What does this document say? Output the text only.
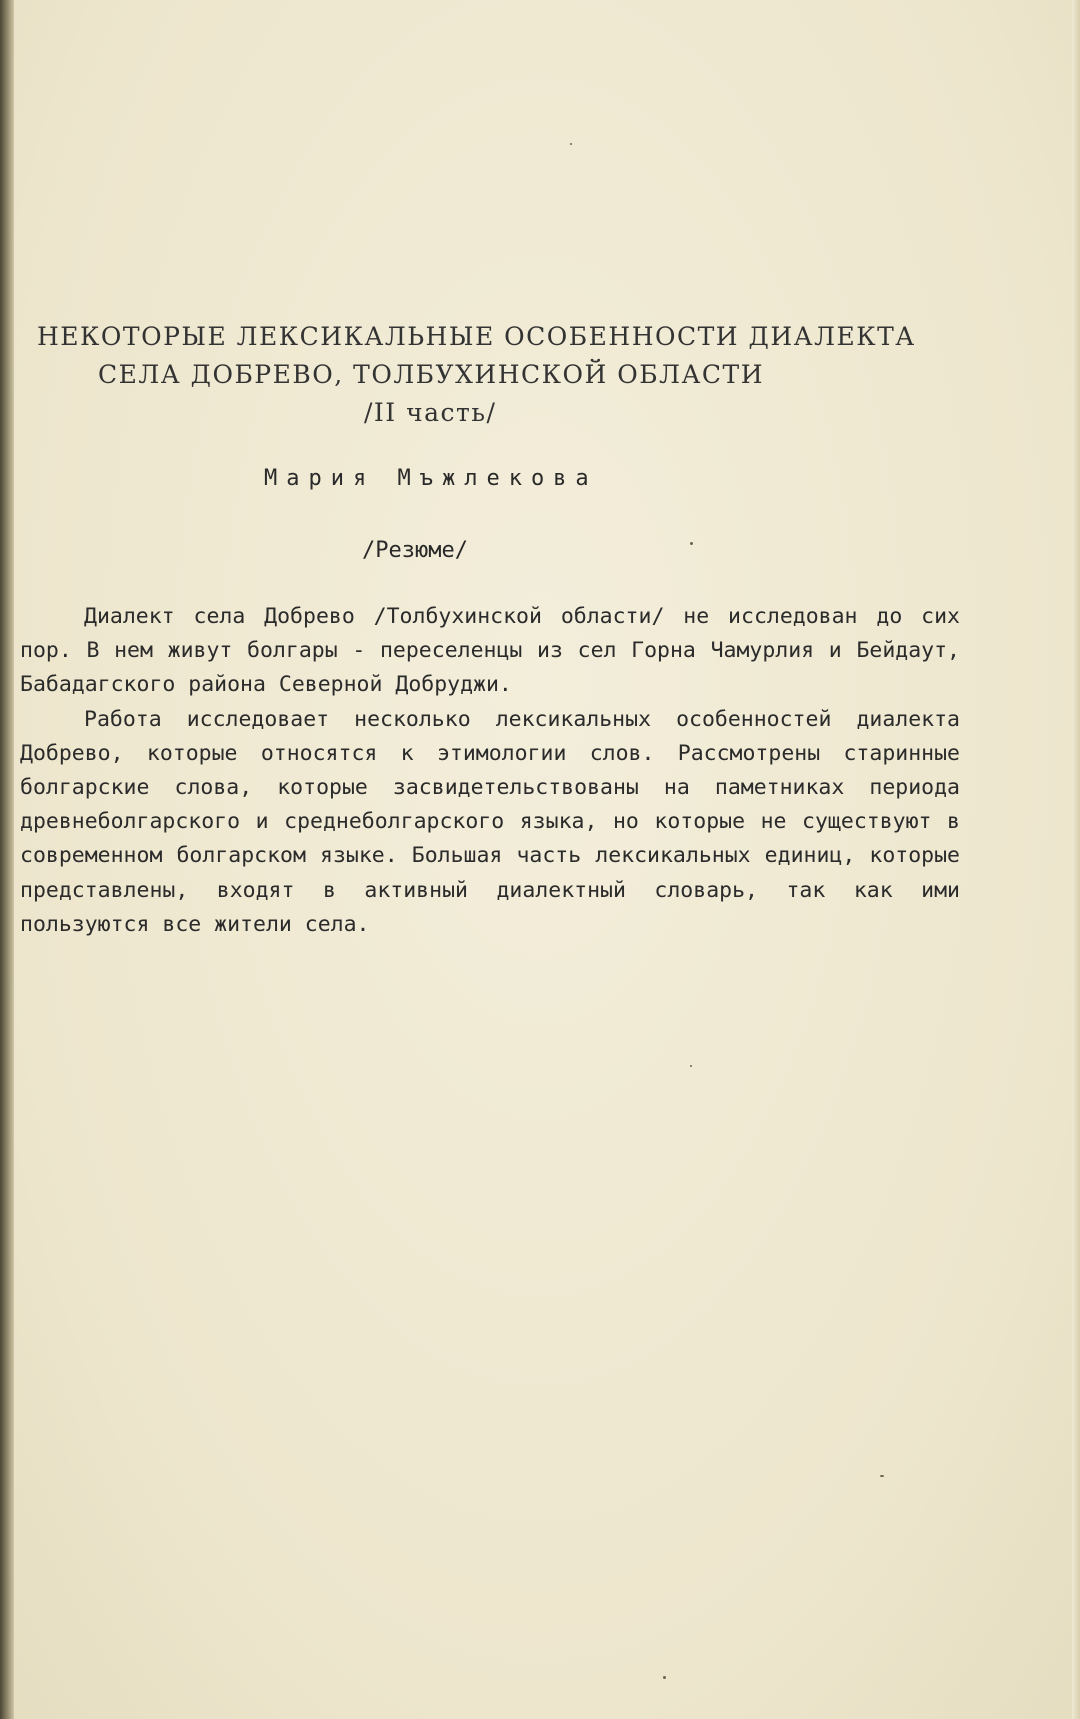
НЕКОТОРЫЕ ЛЕКСИКАЛЬНЫЕ ОСОБЕННОСТИ ДИАЛЕКТА
СЕЛА ДОБРЕВО, ТОЛБУХИНСКОЙ ОБЛАСТИ
/II часть/
Мария Мъжлекова
/Резюме/

Диалект села Добрево /Толбухинской области/ не исследован до сих пор. В нем живут болгары - переселенцы из сел Горна Чамурлия и Бейдаут, Бабадагского района Северной Добруджи.

Работа исследовает несколько лексикальных особенностей диалекта Добрево, которые относятся к этимологии слов. Рассмотрены старинные болгарские слова, которые засвидетельствованы на паметниках периода древнеболгарского и среднеболгарского языка, но которые не существуют в современном болгарском языке. Большая часть лексикальных единиц, которые представлены, входят в активный диалектный словарь, так как ими пользуются все жители села.
